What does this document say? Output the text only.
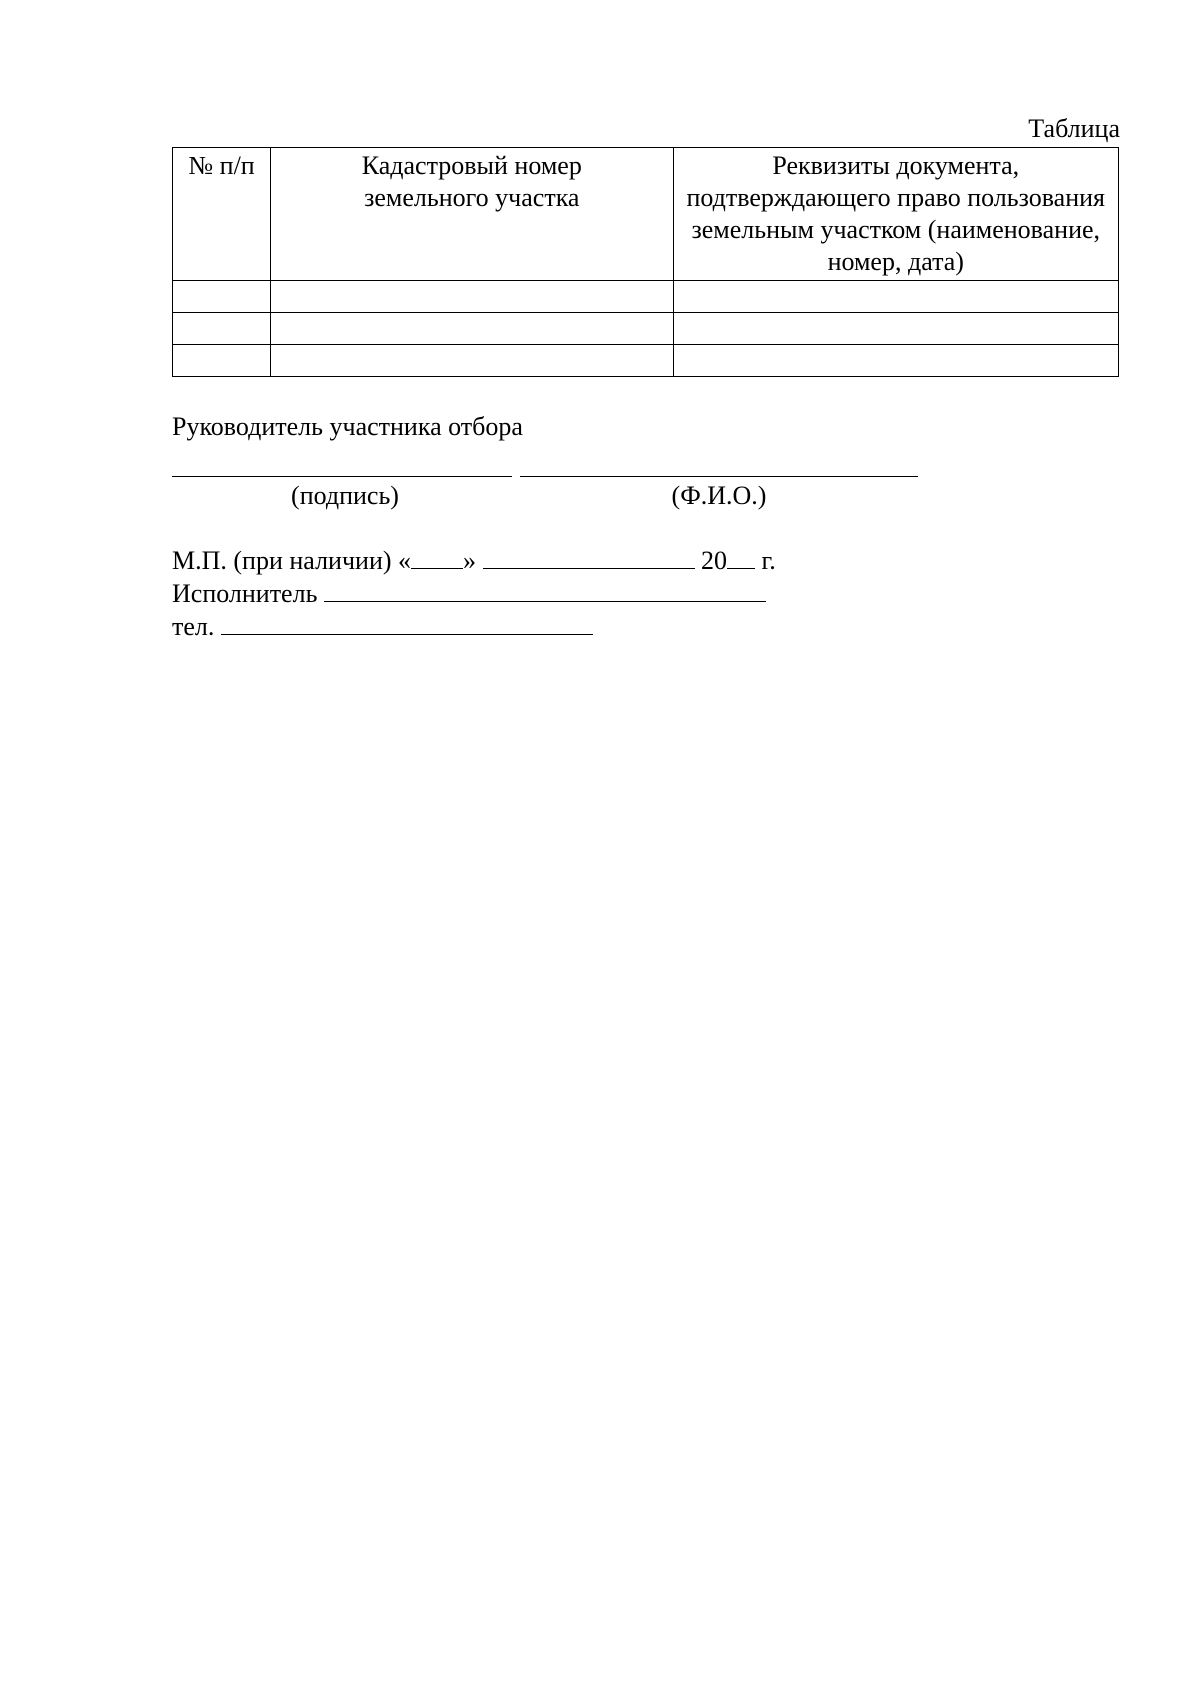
Таблица
№ п/п	Кадастровый номер земельного участка	Реквизиты документа, подтверждающего право пользования земельным участком (наименование, номер, дата)

Руководитель участника отбора
(подпись)	(Ф.И.О.)
М.П. (при наличии) « »	20 г.
Исполнитель
тел.
